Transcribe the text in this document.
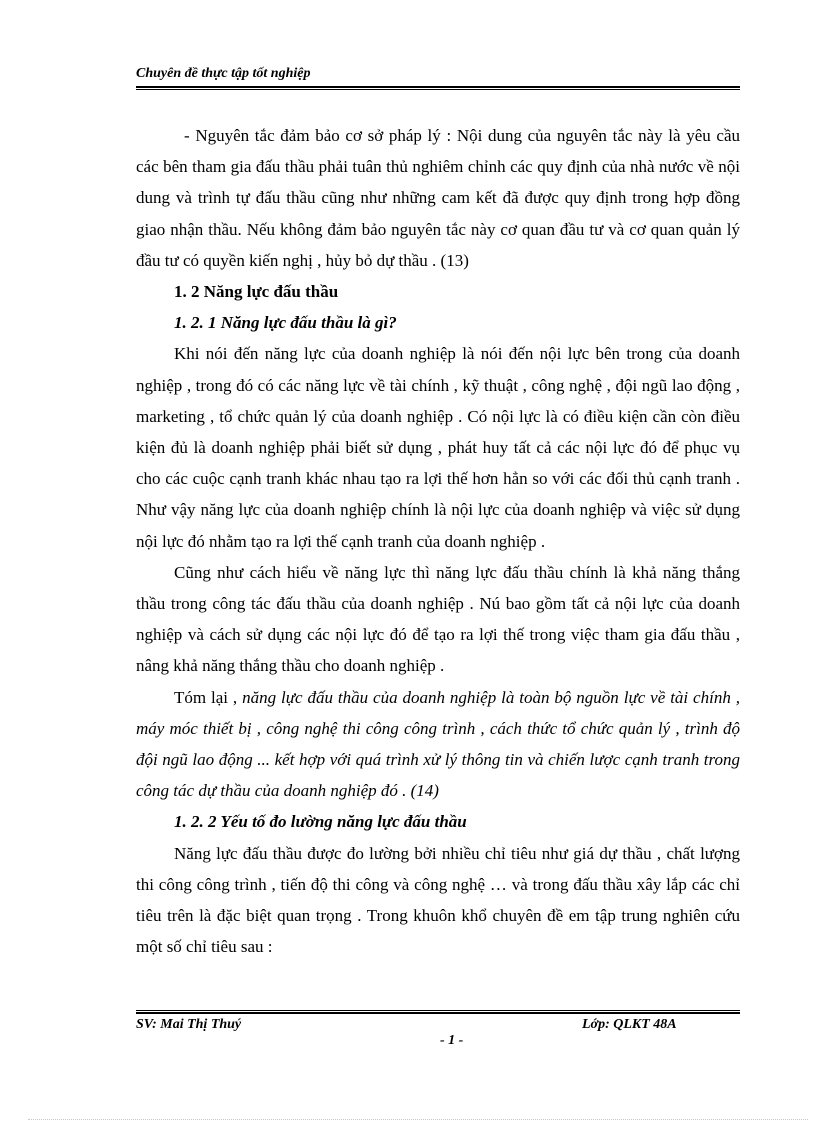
Chuyên đề thực tập tốt nghiệp

- Nguyên tắc đảm bảo cơ sở pháp lý : Nội dung của nguyên tắc này là yêu cầu các bên tham gia đấu thầu phải tuân thủ nghiêm chỉnh các quy định của nhà nước về nội dung và trình tự đấu thầu cũng như những cam kết đã được quy định trong hợp đồng giao nhận thầu. Nếu không đảm bảo nguyên tắc này cơ quan đầu tư và cơ quan quản lý đầu tư có quyền kiến nghị , hủy bỏ dự thầu . (13)

1. 2 Năng lực đấu thầu

1. 2. 1 Năng lực đấu thầu là gì?

Khi nói đến năng lực của doanh nghiệp là nói đến nội lực bên trong của doanh nghiệp , trong đó có các năng lực về tài chính , kỹ thuật , công nghệ , đội ngũ lao động , marketing , tổ chức quản lý của doanh nghiệp . Có nội lực là có điều kiện cần còn điều kiện đủ là doanh nghiệp phải biết sử dụng , phát huy tất cả các nội lực đó để phục vụ cho các cuộc cạnh tranh khác nhau tạo ra lợi thế hơn hẳn so với các đối thủ cạnh tranh . Như vậy năng lực của doanh nghiệp chính là nội lực của doanh nghiệp và việc sử dụng nội lực đó nhằm tạo ra lợi thế cạnh tranh của doanh nghiệp .

Cũng như cách hiểu về năng lực thì năng lực đấu thầu chính là khả năng thắng thầu trong công tác đấu thầu của doanh nghiệp . Nú bao gồm tất cả nội lực của doanh nghiệp và cách sử dụng các nội lực đó để tạo ra lợi thế trong việc tham gia đấu thầu , nâng khả năng thắng thầu cho doanh nghiệp .

Tóm lại , năng lực đấu thầu của doanh nghiệp là toàn bộ nguồn lực về tài chính , máy móc thiết bị , công nghệ thi công công trình , cách thức tổ chức quản lý , trình độ đội ngũ lao động ... kết hợp với quá trình xử lý thông tin và chiến lược cạnh tranh trong công tác dự thầu của doanh nghiệp đó . (14)

1. 2. 2 Yếu tố đo lường năng lực đấu thầu

Năng lực đấu thầu được đo lường bởi nhiều chỉ tiêu như giá dự thầu , chất lượng thi công công trình , tiến độ thi công và công nghệ … và trong đấu thầu xây lắp các chỉ tiêu trên là đặc biệt quan trọng . Trong khuôn khổ chuyên đề em tập trung nghiên cứu một số chỉ tiêu sau :

SV: Mai Thị Thuý	Lớp: QLKT 48A
- 1 -
